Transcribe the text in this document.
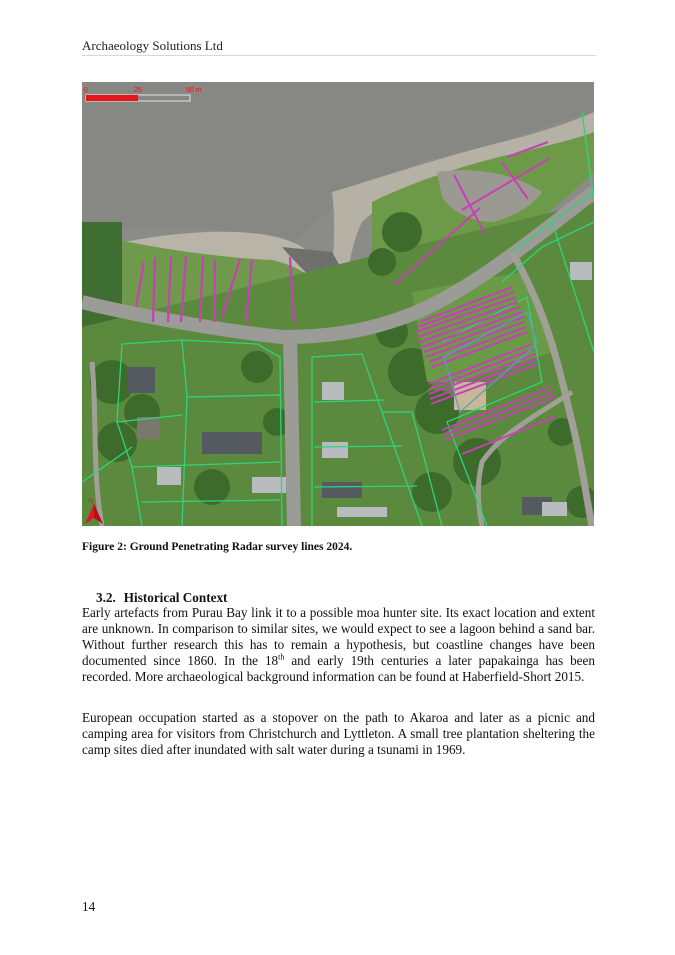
Archaeology Solutions Ltd
0	25	50 m
N
Figure 2: Ground Penetrating Radar survey lines 2024.
3.2. Historical Context
Early artefacts from Purau Bay link it to a possible moa hunter site. Its exact location and extent are unknown. In comparison to similar sites, we would expect to see a lagoon behind a sand bar. Without further research this has to remain a hypothesis, but coastline changes have been documented since 1860. In the 18th and early 19th centuries a later papakainga has been recorded. More archaeological background information can be found at Haberfield-Short 2015.
European occupation started as a stopover on the path to Akaroa and later as a picnic and camping area for visitors from Christchurch and Lyttleton. A small tree plantation sheltering the camp sites died after inundated with salt water during a tsunami in 1969.
14
